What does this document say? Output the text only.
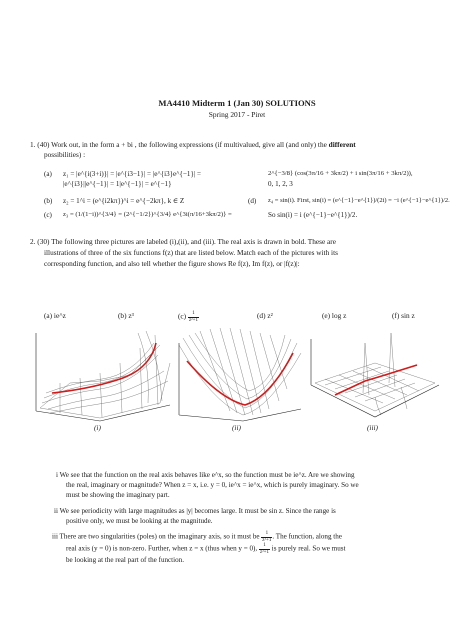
MA4410 Midterm 1 (Jan 30) SOLUTIONS
Spring 2017 - Piret
1. (40) Work out, in the form a + bi , the following expressions (if multivalued, give all (and only) the different
possibilities) :
(a) z₁ = |e^{i(3+i)}| = |e^{i3−1}| = |e^{i3}e^{−1}| =
|e^{i3}||e^{−1}| = 1|e^{−1}| = e^{−1}
2^{−3/8} (cos(3π/16 + 3kπ/2) + i sin(3π/16 + 3kπ/2)),
0, 1, 2, 3
(b) z₂ = 1^i = (e^{i2kπ})^i = e^{−2kπ}, k ∈ Z	(d) z₄ = sin(i). First, sin(i) = (e^{−1}−e^{1})/(2i) = −i (e^{−1}−e^{1})/2.
(c) z₃ = (1/(1−i))^{3/4} = (2^{−1/2})^{3/4} e^{3i(π/16+3kπ/2)} =	So sin(i) = i (e^{−1}−e^{1})/2.
2. (30) The following three pictures are labeled (i),(ii), and (iii). The real axis is drawn in bold. These are
illustrations of three of the six functions f(z) that are listed below. Match each of the pictures with its
corresponding function, and also tell whether the figure shows Re f(z), Im f(z), or |f(z)|:
(a) ie^z	(b) z³	$(c) \frac{1}{\text{z²+1}}$	(d) z²	(e) log z	(f) sin z
(i)	(ii)	(iii)
i We see that the function on the real axis behaves like e^x, so the function must be ie^z. Are we showing
the real, imaginary or magnitude? When z = x, i.e. y = 0, ie^x = ie^x, which is purely imaginary. So we
must be showing the imaginary part.
ii We see periodicity with large magnitudes as |y| becomes large. It must be sin z. Since the range is
positive only, we must be looking at the magnitude.
iii There are two singularities (poles) on the imaginary axis, so it must be $\frac{1}{\text{z²+1}}$ . The function, along the
real axis (y = 0) is non-zero. Further, when z = x (thus when y = 0), $\frac{1}{\text{z²+1}}$ is purely real. So we must
be looking at the real part of the function.
